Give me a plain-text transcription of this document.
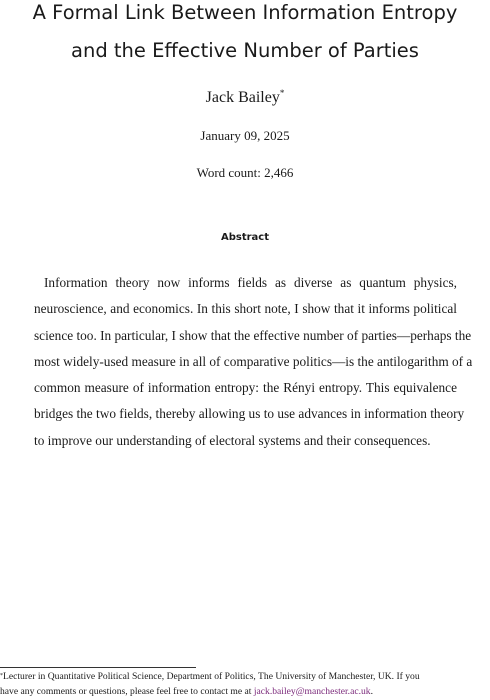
A Formal Link Between Information Entropy
and the Effective Number of Parties
Jack Bailey*
January 09, 2025
Word count: 2,466
Abstract
Information theory now informs fields as diverse as quantum physics,
neuroscience, and economics. In this short note, I show that it informs political
science too. In particular, I show that the effective number of parties—perhaps the
most widely-used measure in all of comparative politics—is the antilogarithm of a
common measure of information entropy: the Rényi entropy. This equivalence
bridges the two fields, thereby allowing us to use advances in information theory
to improve our understanding of electoral systems and their consequences.
*Lecturer in Quantitative Political Science, Department of Politics, The University of Manchester, UK. If you
have any comments or questions, please feel free to contact me at jack.bailey@manchester.ac.uk.
